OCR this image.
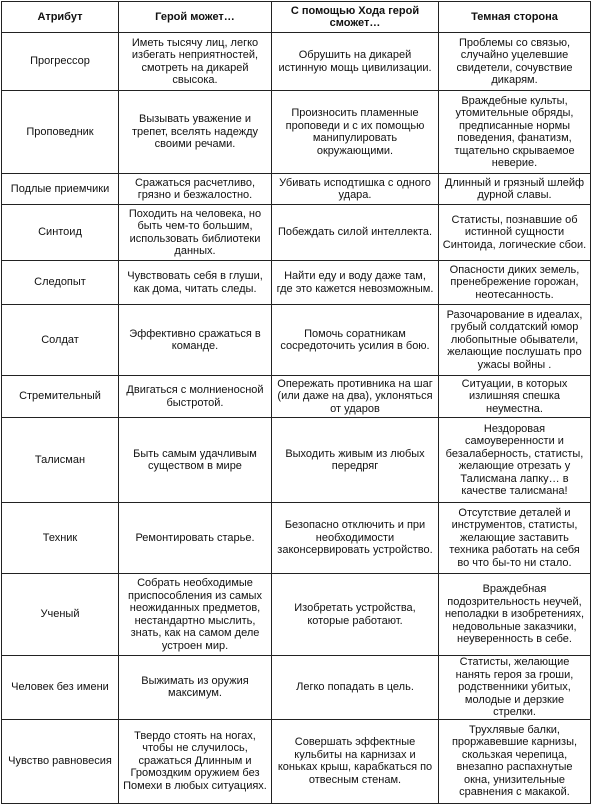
Атрибут	Герой может…	С помощью Хода герой сможет…	Темная сторона
Прогрессор	Иметь тысячу лиц, легко избегать неприятностей, смотреть на дикарей свысока.	Обрушить на дикарей истинную мощь цивилизации.	Проблемы со связью, случайно уцелевшие свидетели, сочувствие дикарям.
Проповедник	Вызывать уважение и трепет, вселять надежду своими речами.	Произносить пламенные проповеди и с их помощью манипулировать окружающими.	Враждебные культы, утомительные обряды, предписанные нормы поведения, фанатизм, тщательно скрываемое неверие.
Подлые приемчики	Сражаться расчетливо, грязно и безжалостно.	Убивать исподтишка с одного удара.	Длинный и грязный шлейф дурной славы.
Синтоид	Походить на человека, но быть чем-то большим, использовать библиотеки данных.	Побеждать силой интеллекта.	Статисты, познавшие об истинной сущности Синтоида, логические сбои.
Следопыт	Чувствовать себя в глуши, как дома, читать следы.	Найти еду и воду даже там, где это кажется невозможным.	Опасности диких земель, пренебрежение горожан, неотесанность.
Солдат	Эффективно сражаться в команде.	Помочь соратникам сосредоточить усилия в бою.	Разочарование в идеалах, грубый солдатский юмор любопытные обыватели, желающие послушать про ужасы войны .
Стремительный	Двигаться с молниеносной быстротой.	Опережать противника на шаг (или даже на два), уклоняться от ударов	Ситуации, в которых излишняя спешка неуместна.
Талисман	Быть самым удачливым существом в мире	Выходить живым из любых передряг	Нездоровая самоуверенности и безалаберность, статисты, желающие отрезать у Талисмана лапку… в качестве талисмана!
Техник	Ремонтировать старье.	Безопасно отключить и при необходимости законсервировать устройство.	Отсутствие деталей и инструментов, статисты, желающие заставить техника работать на себя во что бы-то ни стало.
Ученый	Собрать необходимые приспособления из самых неожиданных предметов, нестандартно мыслить, знать, как на самом деле устроен мир.	Изобретать устройства, которые работают.	Враждебная подозрительность неучей, неполадки в изобретениях, недовольные заказчики, неуверенность в себе.
Человек без имени	Выжимать из оружия максимум.	Легко попадать в цель.	Статисты, желающие нанять героя за гроши, родственники убитых, молодые и дерзкие стрелки.
Чувство равновесия	Твердо стоять на ногах, чтобы не случилось, сражаться Длинным и Громоздким оружием без Помехи в любых ситуациях.	Совершать эффектные кульбиты на карнизах и коньках крыш, карабкаться по отвесным стенам.	Трухлявые балки, проржавевшие карнизы, скользкая черепица, внезапно распахнутые окна, унизительные сравнения с макакой.
